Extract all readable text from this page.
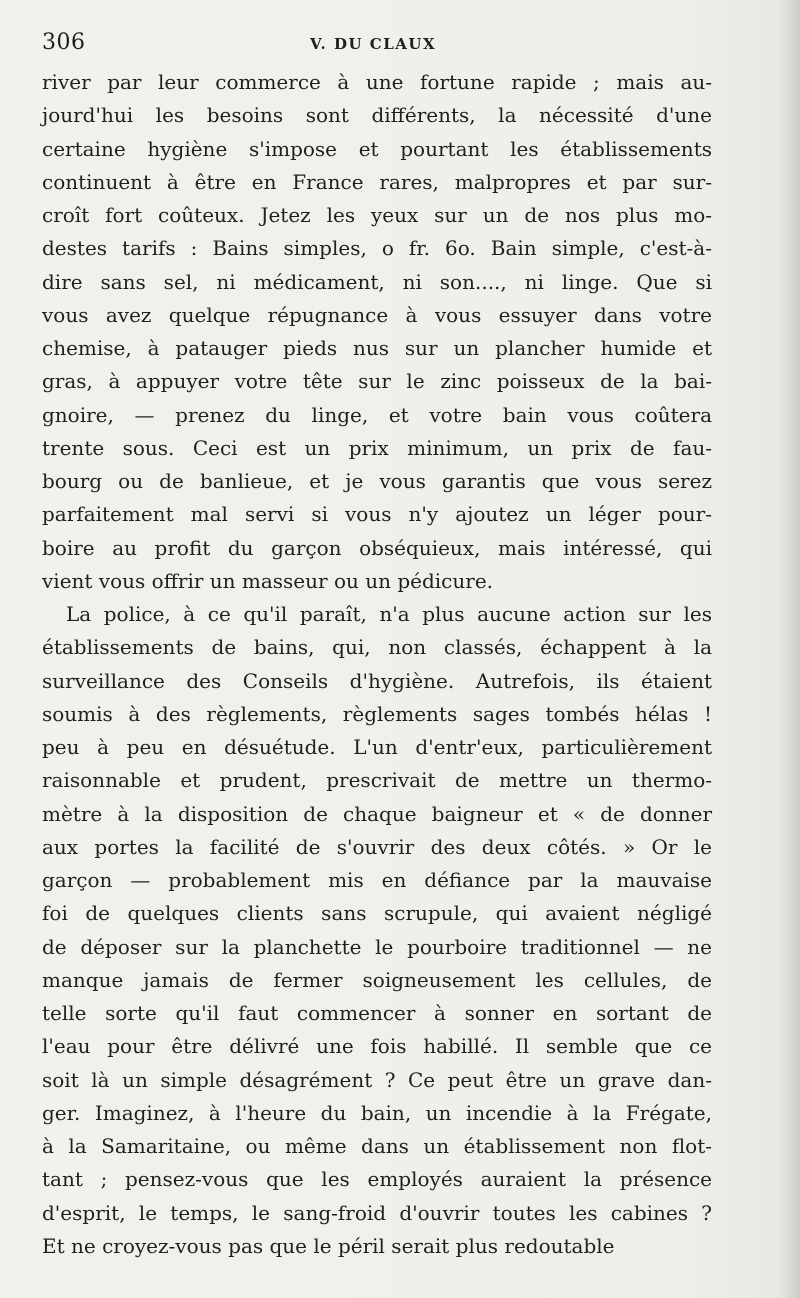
306	V. DU CLAUX
river par leur commerce à une fortune rapide ; mais au-
jourd'hui les besoins sont différents, la nécessité d'une
certaine hygiène s'impose et pourtant les établissements
continuent à être en France rares, malpropres et par sur-
croît fort coûteux. Jetez les yeux sur un de nos plus mo-
destes tarifs : Bains simples, o fr. 6o. Bain simple, c'est-à-
dire sans sel, ni médicament, ni son...., ni linge. Que si
vous avez quelque répugnance à vous essuyer dans votre
chemise, à patauger pieds nus sur un plancher humide et
gras, à appuyer votre tête sur le zinc poisseux de la bai-
gnoire, — prenez du linge, et votre bain vous coûtera
trente sous. Ceci est un prix minimum, un prix de fau-
bourg ou de banlieue, et je vous garantis que vous serez
parfaitement mal servi si vous n'y ajoutez un léger pour-
boire au profit du garçon obséquieux, mais intéressé, qui
vient vous offrir un masseur ou un pédicure.
La police, à ce qu'il paraît, n'a plus aucune action sur les
établissements de bains, qui, non classés, échappent à la
surveillance des Conseils d'hygiène. Autrefois, ils étaient
soumis à des règlements, règlements sages tombés hélas !
peu à peu en désuétude. L'un d'entr'eux, particulièrement
raisonnable et prudent, prescrivait de mettre un thermo-
mètre à la disposition de chaque baigneur et « de donner
aux portes la facilité de s'ouvrir des deux côtés. » Or le
garçon — probablement mis en défiance par la mauvaise
foi de quelques clients sans scrupule, qui avaient négligé
de déposer sur la planchette le pourboire traditionnel — ne
manque jamais de fermer soigneusement les cellules, de
telle sorte qu'il faut commencer à sonner en sortant de
l'eau pour être délivré une fois habillé. Il semble que ce
soit là un simple désagrément ? Ce peut être un grave dan-
ger. Imaginez, à l'heure du bain, un incendie à la Frégate,
à la Samaritaine, ou même dans un établissement non flot-
tant ; pensez-vous que les employés auraient la présence
d'esprit, le temps, le sang-froid d'ouvrir toutes les cabines ?
Et ne croyez-vous pas que le péril serait plus redoutable
